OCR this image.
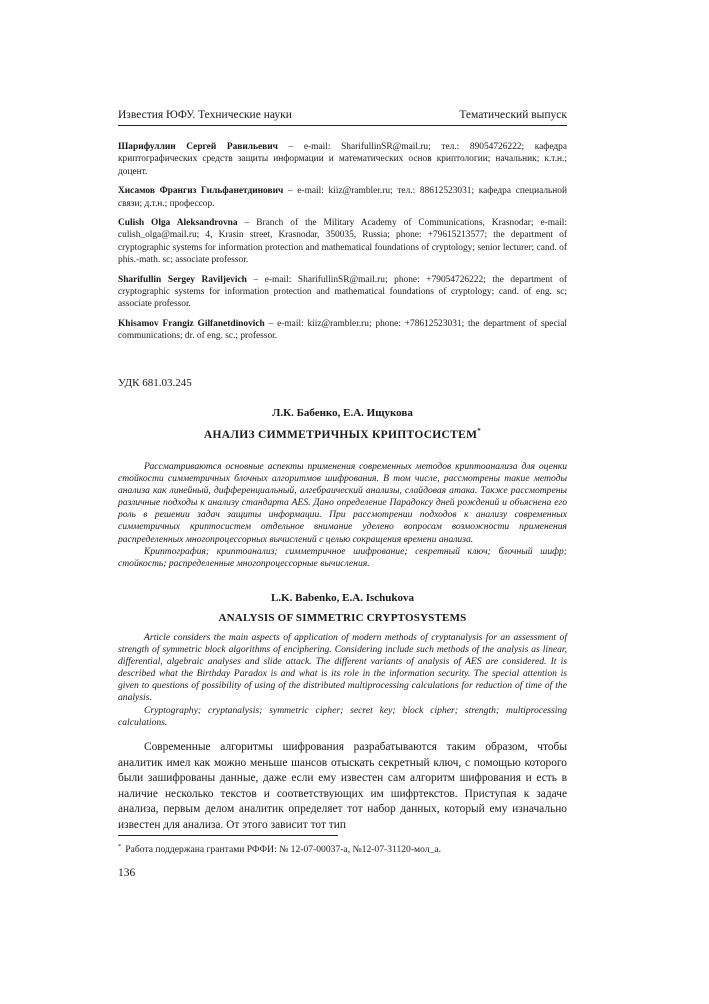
Известия ЮФУ. Технические науки	Тематический выпуск

Шарифуллин Сергей Равильевич – e-mail: SharifullinSR@mail.ru; тел.: 89054726222; кафедра криптографических средств защиты информации и математических основ криптологии; начальник; к.т.н.; доцент.

Хисамов Франгиз Гильфанетдинович – e-mail: kiiz@rambler.ru; тел.: 88612523031; кафедра специальной связи; д.т.н.; профессор.

Culish Olga Aleksandrovna – Branch of the Military Academy of Communications, Krasnodar; e-mail: culish_olga@mail.ru; 4, Krasin street, Krasnodar, 350035, Russia; phone: +79615213577; the department of cryptographic systems for information protection and mathematical foundations of cryptology; senior lecturer; cand. of phis.-math. sc; associate professor.

Sharifullin Sergey Raviljevich – e-mail: SharifullinSR@mail.ru; phone: +79054726222; the department of cryptographic systems for information protection and mathematical foundations of cryptology; cand. of eng. sc; associate professor.

Khisamov Frangiz Gilfanetdinovich – e-mail: kiiz@rambler.ru; phone: +78612523031; the department of special communications; dr. of eng. sc.; professor.

УДК 681.03.245
Л.К. Бабенко, Е.А. Ищукова
АНАЛИЗ СИММЕТРИЧНЫХ КРИПТОСИСТЕМ*

Рассматриваются основные аспекты применения современных методов криптоанализа для оценки стойкости симметричных блочных алгоритмов шифрования. В том числе, рассмотрены такие методы анализа как линейный, дифференциальный, алгебраический анализы, слайдовая атака. Также рассмотрены различные подходы к анализу стандарта AES. Дано определение Парадоксу дней рождений и объяснена его роль в решении задач защиты информации. При рассмотрении подходов к анализу современных симметричных криптосистем отдельное внимание уделено вопросам возможности применения распределенных многопроцессорных вычислений с целью сокращения времени анализа.

Криптография; криптоанализ; симметричное шифрование; секретный ключ; блочный шифр; стойкость; распределенные многопроцессорные вычисления.

L.K. Babenko, E.A. Ischukova
ANALYSIS OF SIMMETRIC CRYPTOSYSTEMS

Article considers the main aspects of application of modern methods of cryptanalysis for an assessment of strength of symmetric block algorithms of enciphering. Considering include such methods of the analysis as linear, differential, algebraic analyses and slide attack. The different variants of analysis of AES are considered. It is described what the Birthday Paradox is and what is its role in the information security. The special attention is given to questions of possibility of using of the distributed multiprocessing calculations for reduction of time of the analysis.

Cryptography; cryptanalysis; symmetric cipher; secret key; block cipher; strength; multiprocessing calculations.

Современные алгоритмы шифрования разрабатываются таким образом, чтобы аналитик имел как можно меньше шансов отыскать секретный ключ, с помощью которого были зашифрованы данные, даже если ему известен сам алгоритм шифрования и есть в наличие несколько текстов и соответствующих им шифртекстов. Приступая к задаче анализа, первым делом аналитик определяет тот набор данных, который ему изначально известен для анализа. От этого зависит тот тип

* Работа поддержана грантами РФФИ: № 12-07-00037-а, №12-07-31120-мол_а.
136
